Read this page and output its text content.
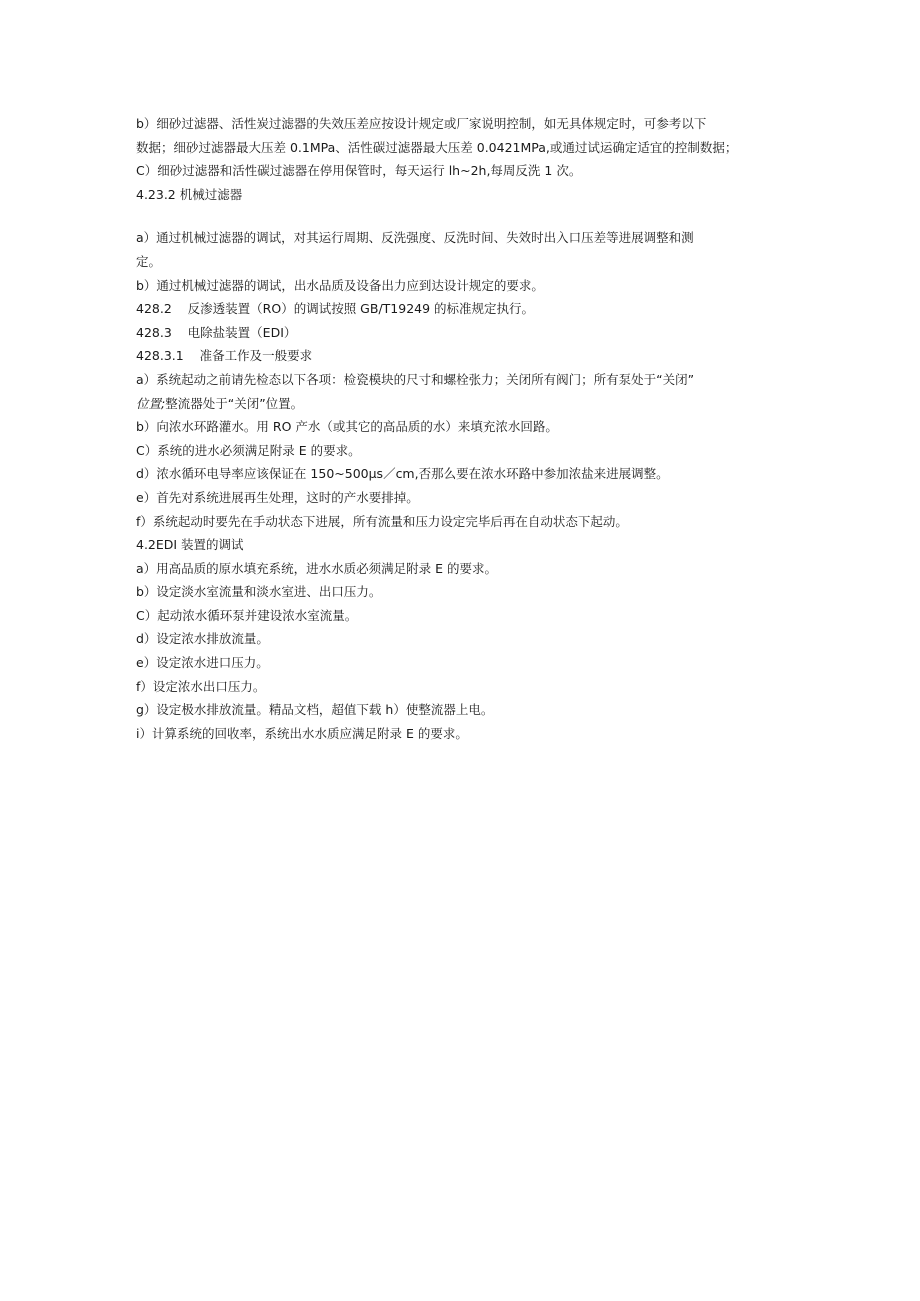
b）细砂过滤器、活性炭过滤器的失效压差应按设计规定或厂家说明控制，如无具体规定时，可参考以下
数据；细砂过滤器最大压差 0.1MPa、活性碳过滤器最大压差 0.0421MPa,或通过试运确定适宜的控制数据；
C）细砂过滤器和活性碳过滤器在停用保管时，每天运行 lh~2h,每周反洗 1 次。
4.23.2 机械过滤器
a）通过机械过滤器的调试，对其运行周期、反洗强度、反洗时间、失效时出入口压差等进展调整和测
定。
b）通过机械过滤器的调试，出水品质及设备出力应到达设计规定的要求。
428.2    反渗透装置（RO）的调试按照 GB/T19249 的标准规定执行。
428.3    电除盐装置（EDI）
428.3.1    准备工作及一般要求
a）系统起动之前请先检态以下各项：检瓷模块的尺寸和螺栓张力；关闭所有阀门；所有泵处于“关闭”
位置;整流器处于“关闭”位置。
b）向浓水环路灌水。用 RO 产水（或其它的高品质的水）来填充浓水回路。
C）系统的进水必须满足附录 E 的要求。
d）浓水循环电导率应该保证在 150~500μs／cm,否那么要在浓水环路中参加浓盐来进展调整。
e）首先对系统进展再生处理，这时的产水要排掉。
f）系统起动时要先在手动状态下进展，所有流量和压力设定完毕后再在自动状态下起动。
4.2EDI 装置的调试
a）用高品质的原水填充系统，进水水质必须满足附录 E 的要求。
b）设定淡水室流量和淡水室进、出口压力。
C）起动浓水循环泵并建设浓水室流量。
d）设定浓水排放流量。
e）设定浓水进口压力。
f）设定浓水出口压力。
g）设定极水排放流量。精品文档，超值下载 h）使整流器上电。
i）计算系统的回收率，系统出水水质应满足附录 E 的要求。
